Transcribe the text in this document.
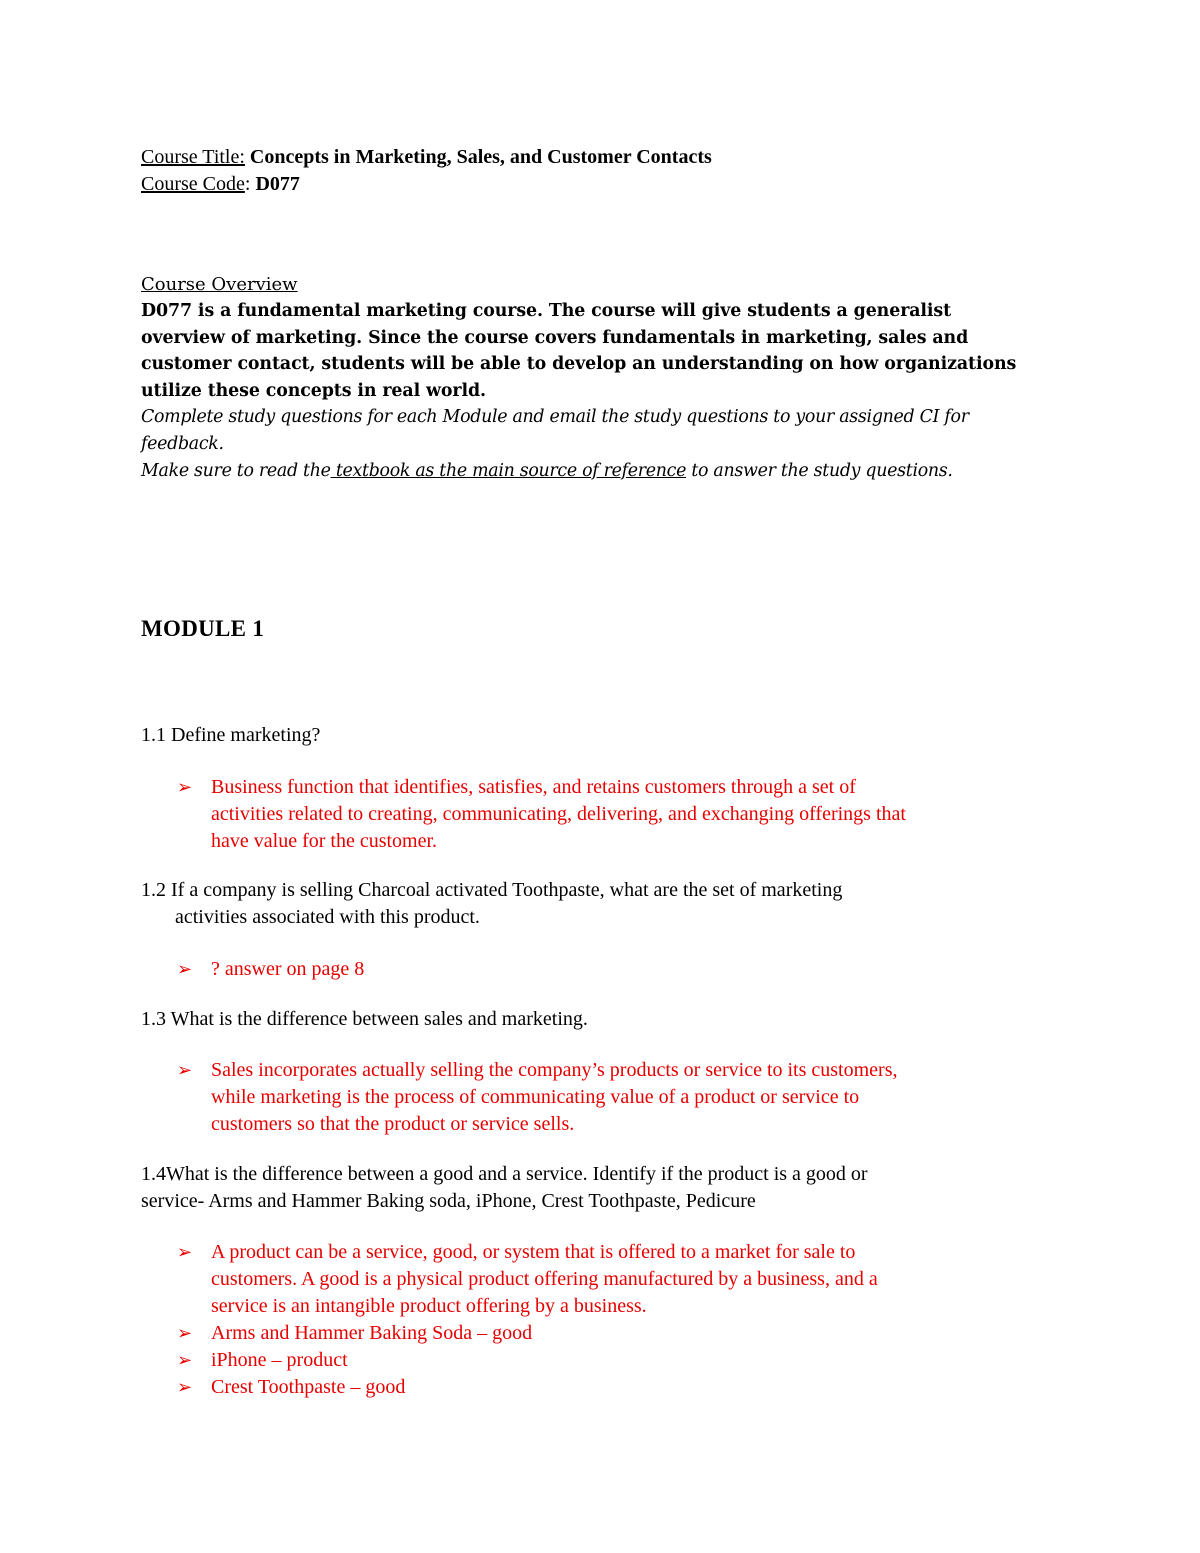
Course Title: Concepts in Marketing, Sales, and Customer Contacts
Course Code: D077
Course Overview
D077 is a fundamental marketing course. The course will give students a generalist
overview of marketing. Since the course covers fundamentals in marketing, sales and
customer contact, students will be able to develop an understanding on how organizations
utilize these concepts in real world.
Complete study questions for each Module and email the study questions to your assigned CI for
feedback.
Make sure to read the textbook as the main source of reference to answer the study questions.
MODULE 1
1.1 Define marketing?
➢ Business function that identifies, satisfies, and retains customers through a set of
activities related to creating, communicating, delivering, and exchanging offerings that
have value for the customer.
1.2 If a company is selling Charcoal activated Toothpaste, what are the set of marketing
activities associated with this product.
➢ ? answer on page 8
1.3 What is the difference between sales and marketing.
➢ Sales incorporates actually selling the company’s products or service to its customers,
while marketing is the process of communicating value of a product or service to
customers so that the product or service sells.
1.4What is the difference between a good and a service. Identify if the product is a good or
service- Arms and Hammer Baking soda, iPhone, Crest Toothpaste, Pedicure
➢ A product can be a service, good, or system that is offered to a market for sale to
customers. A good is a physical product offering manufactured by a business, and a
service is an intangible product offering by a business.
➢ Arms and Hammer Baking Soda – good
➢ iPhone – product
➢ Crest Toothpaste – good
